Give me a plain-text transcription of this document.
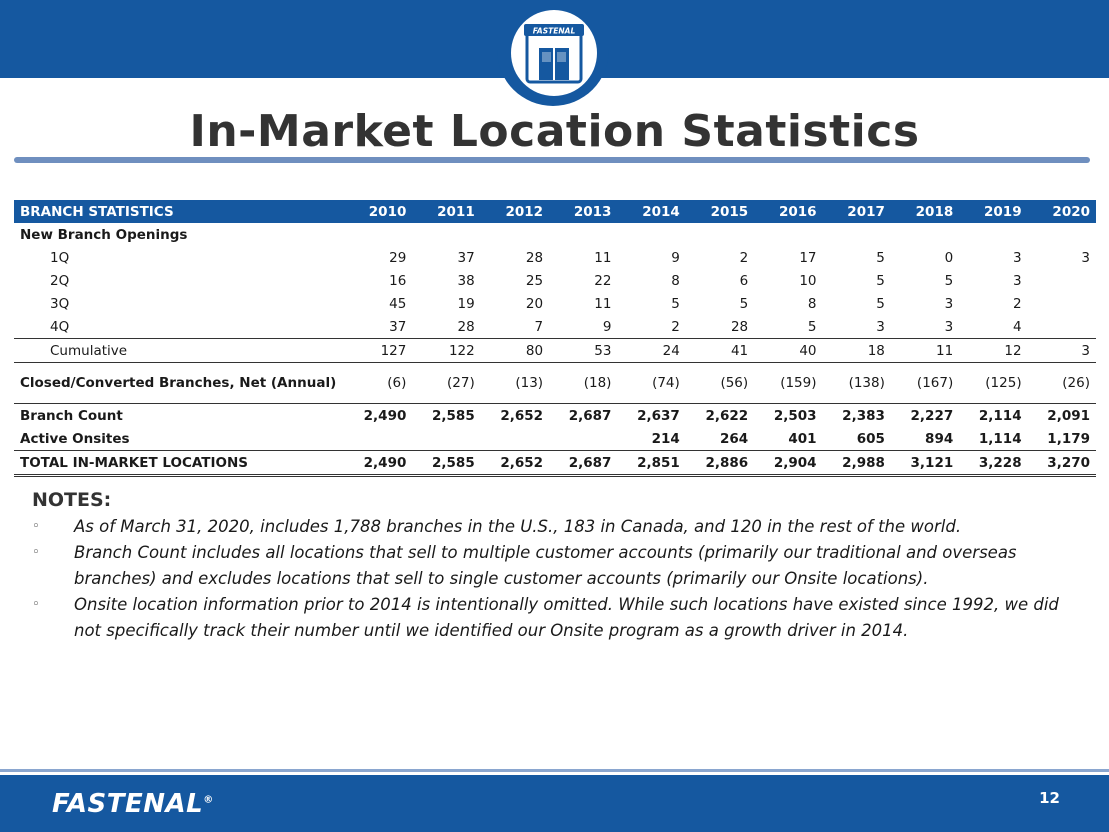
FASTENAL
In-Market Location Statistics
BRANCH STATISTICS	2010	2011	2012	2013	2014	2015	2016	2017	2018	2019	2020
New Branch Openings											
1Q	29	37	28	11	9	2	17	5	0	3	3
2Q	16	38	25	22	8	6	10	5	5	3	
3Q	45	19	20	11	5	5	8	5	3	2	
4Q	37	28	7	9	2	28	5	3	3	4	
Cumulative	127	122	80	53	24	41	40	18	11	12	3
Closed/Converted Branches, Net (Annual)	(6)	(27)	(13)	(18)	(74)	(56)	(159)	(138)	(167)	(125)	(26)
Branch Count	2,490	2,585	2,652	2,687	2,637	2,622	2,503	2,383	2,227	2,114	2,091
Active Onsites					214	264	401	605	894	1,114	1,179
TOTAL IN-MARKET LOCATIONS	2,490	2,585	2,652	2,687	2,851	2,886	2,904	2,988	3,121	3,228	3,270
NOTES:
◦ As of March 31, 2020, includes 1,788 branches in the U.S., 183 in Canada, and 120 in the rest of the world.
◦ Branch Count includes all locations that sell to multiple customer accounts (primarily our traditional and overseas branches) and excludes locations that sell to single customer accounts (primarily our Onsite locations).
◦ Onsite location information prior to 2014 is intentionally omitted. While such locations have existed since 1992, we did not specifically track their number until we identified our Onsite program as a growth driver in 2014.
FASTENAL®	12
